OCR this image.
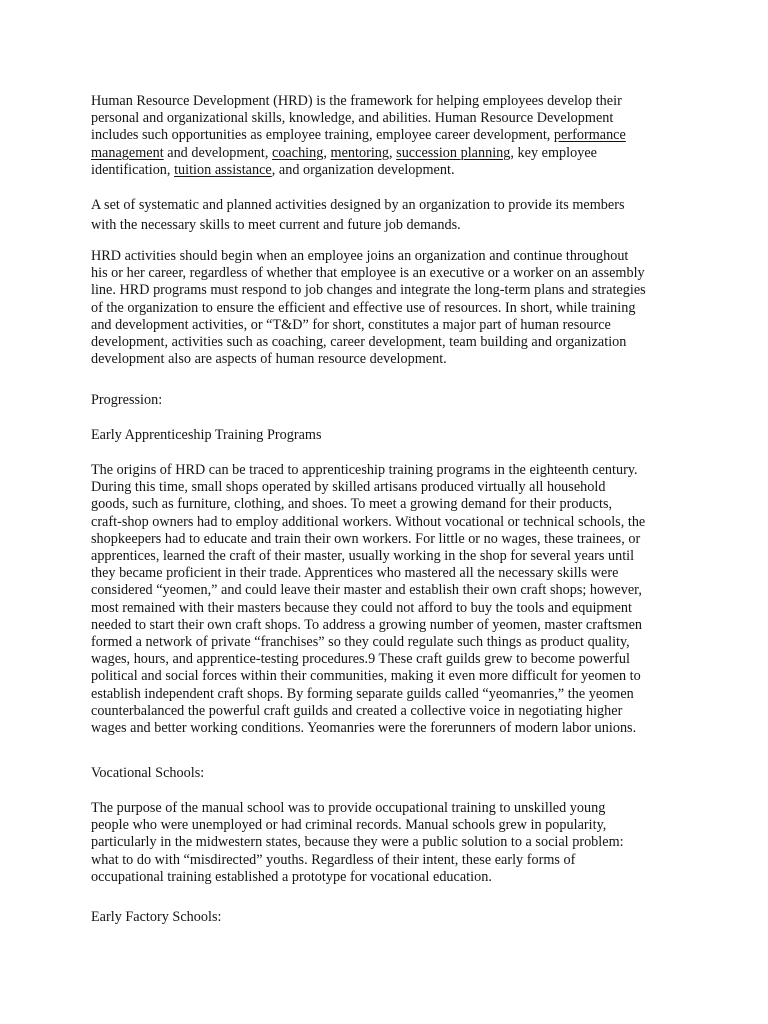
Human Resource Development (HRD) is the framework for helping employees develop their
personal and organizational skills, knowledge, and abilities. Human Resource Development
includes such opportunities as employee training, employee career development, performance
management and development, coaching, mentoring, succession planning, key employee
identification, tuition assistance, and organization development.

A set of systematic and planned activities designed by an organization to provide its members
with the necessary skills to meet current and future job demands.

HRD activities should begin when an employee joins an organization and continue throughout
his or her career, regardless of whether that employee is an executive or a worker on an assembly
line. HRD programs must respond to job changes and integrate the long-term plans and strategies
of the organization to ensure the efficient and effective use of resources. In short, while training
and development activities, or “T&D” for short, constitutes a major part of human resource
development, activities such as coaching, career development, team building and organization
development also are aspects of human resource development.

Progression:

Early Apprenticeship Training Programs

The origins of HRD can be traced to apprenticeship training programs in the eighteenth century.
During this time, small shops operated by skilled artisans produced virtually all household
goods, such as furniture, clothing, and shoes. To meet a growing demand for their products,
craft-shop owners had to employ additional workers. Without vocational or technical schools, the
shopkeepers had to educate and train their own workers. For little or no wages, these trainees, or
apprentices, learned the craft of their master, usually working in the shop for several years until
they became proficient in their trade. Apprentices who mastered all the necessary skills were
considered “yeomen,” and could leave their master and establish their own craft shops; however,
most remained with their masters because they could not afford to buy the tools and equipment
needed to start their own craft shops. To address a growing number of yeomen, master craftsmen
formed a network of private “franchises” so they could regulate such things as product quality,
wages, hours, and apprentice-testing procedures.9 These craft guilds grew to become powerful
political and social forces within their communities, making it even more difficult for yeomen to
establish independent craft shops. By forming separate guilds called “yeomanries,” the yeomen
counterbalanced the powerful craft guilds and created a collective voice in negotiating higher
wages and better working conditions. Yeomanries were the forerunners of modern labor unions.

Vocational Schools:

The purpose of the manual school was to provide occupational training to unskilled young
people who were unemployed or had criminal records. Manual schools grew in popularity,
particularly in the midwestern states, because they were a public solution to a social problem:
what to do with “misdirected” youths. Regardless of their intent, these early forms of
occupational training established a prototype for vocational education.

Early Factory Schools:
